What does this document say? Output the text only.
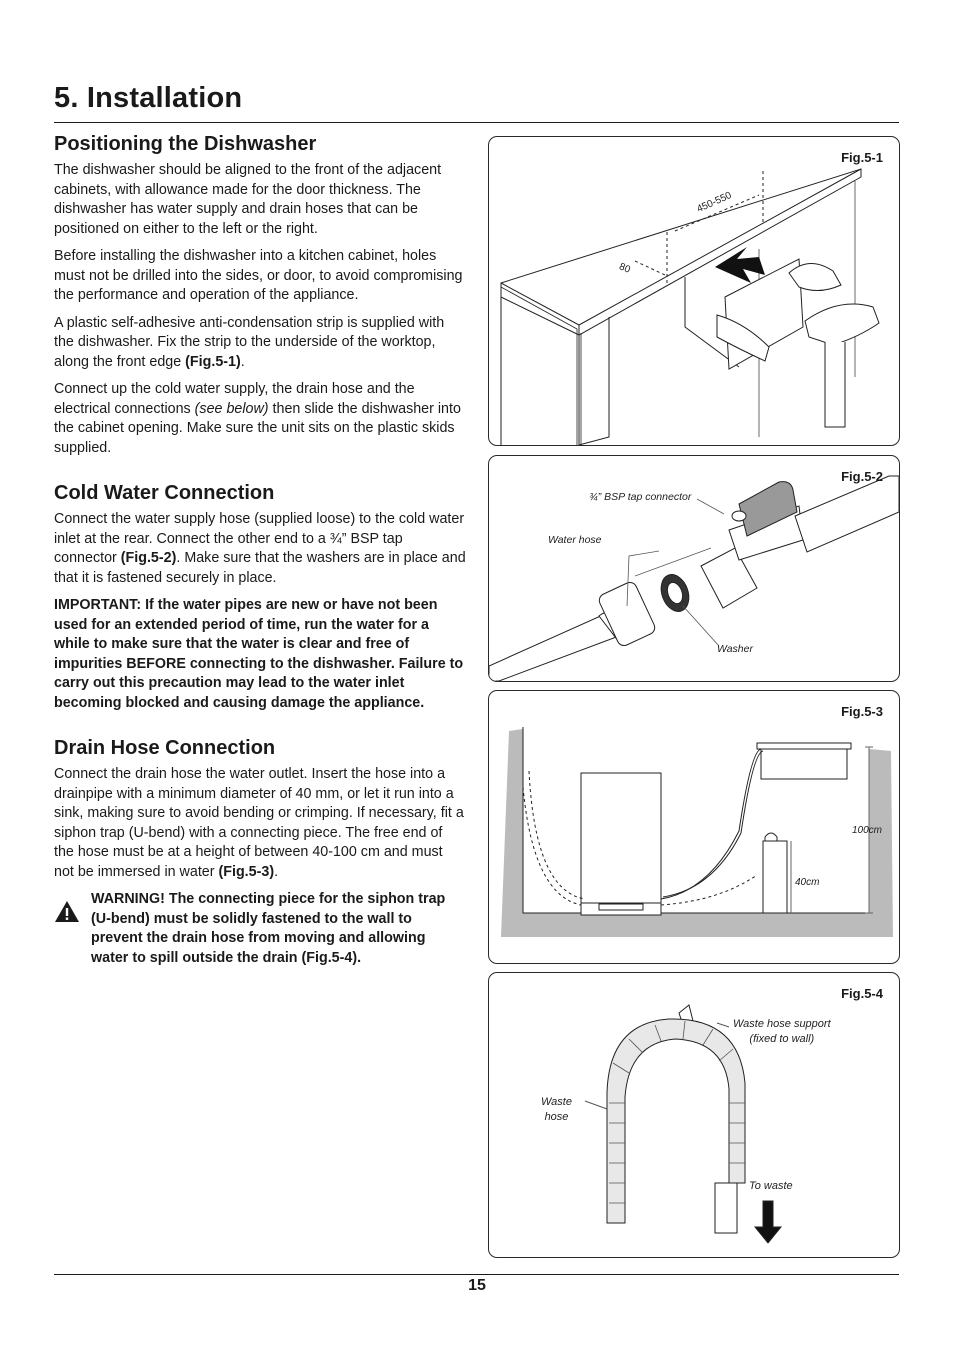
5. Installation
Positioning the Dishwasher

The dishwasher should be aligned to the front of the adjacent cabinets, with allowance made for the door thickness. The dishwasher has water supply and drain hoses that can be positioned on either to the left or the right.

Before installing the dishwasher into a kitchen cabinet, holes must not be drilled into the sides, or door, to avoid compromising the performance and operation of the appliance.

A plastic self-adhesive anti-condensation strip is supplied with the dishwasher. Fix the strip to the underside of the worktop, along the front edge (Fig.5-1).

Connect up the cold water supply, the drain hose and the electrical connections (see below) then slide the dishwasher into the cabinet opening. Make sure the unit sits on the plastic skids supplied.

Cold Water Connection

Connect the water supply hose (supplied loose) to the cold water inlet at the rear. Connect the other end to a ¾” BSP tap connector (Fig.5-2). Make sure that the washers are in place and that it is fastened securely in place.

IMPORTANT: If the water pipes are new or have not been used for an extended period of time, run the water for a while to make sure that the water is clear and free of impurities BEFORE connecting to the dishwasher. Failure to carry out this precaution may lead to the water inlet becoming blocked and causing damage the appliance.

Drain Hose Connection

Connect the drain hose the water outlet. Insert the hose into a drainpipe with a minimum diameter of 40 mm, or let it run into a sink, making sure to avoid bending or crimping. If necessary, fit a siphon trap (U-bend) with a connecting piece. The free end of the hose must be at a height of between 40-100 cm and must not be immersed in water (Fig.5-3).

WARNING! The connecting piece for the siphon trap (U-bend) must be solidly fastened to the wall to prevent the drain hose from moving and allowing water to spill outside the drain (Fig.5-4).
Fig.5-1
450-550
80
Fig.5-2
¾” BSP tap connector
Water hose
Washer
Fig.5-3
100cm
40cm
Fig.5-4
Waste hose support
(fixed to wall)
Waste
hose
To waste
15
